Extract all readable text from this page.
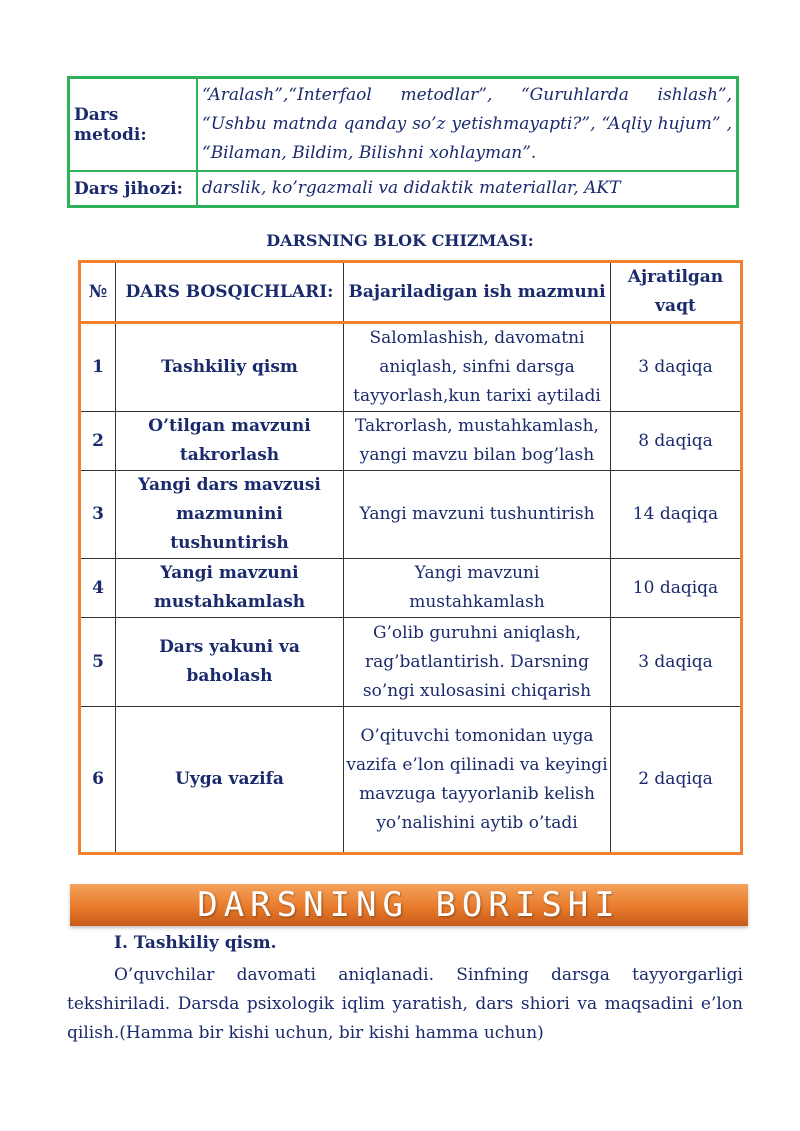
Dars metodi:	“Aralash”,“Interfaol metodlar”, “Guruhlarda ishlash”, “Ushbu matnda qanday so’z yetishmayapti?”, “Aqliy hujum” , “Bilaman, Bildim, Bilishni xohlayman”.
Dars jihozi:	darslik, ko’rgazmali va didaktik materiallar, AKT
DARSNING BLOK CHIZMASI:
№	DARS BOSQICHLARI:	Bajariladigan ish mazmuni	Ajratilgan vaqt
1	Tashkiliy qism	Salomlashish, davomatni aniqlash, sinfni darsga tayyorlash,kun tarixi aytiladi	3 daqiqa
2	O’tilgan mavzuni takrorlash	Takrorlash, mustahkamlash, yangi mavzu bilan bog’lash	8 daqiqa
3	Yangi dars mavzusi mazmunini tushuntirish	Yangi mavzuni tushuntirish	14 daqiqa
4	Yangi mavzuni mustahkamlash	Yangi mavzuni mustahkamlash	10 daqiqa
5	Dars yakuni va baholash	G’olib guruhni aniqlash, rag’batlantirish. Darsning so’ngi xulosasini chiqarish	3 daqiqa
6	Uyga vazifa	O’qituvchi tomonidan uyga vazifa e’lon qilinadi va keyingi mavzuga tayyorlanib kelish yo’nalishini aytib o’tadi	2 daqiqa
DARSNING BORISHI
I. Tashkiliy qism.

O’quvchilar davomati aniqlanadi. Sinfning darsga tayyorgarligi tekshiriladi. Darsda psixologik iqlim yaratish, dars shiori va maqsadini e’lon qilish.(Hamma bir kishi uchun, bir kishi hamma uchun)
